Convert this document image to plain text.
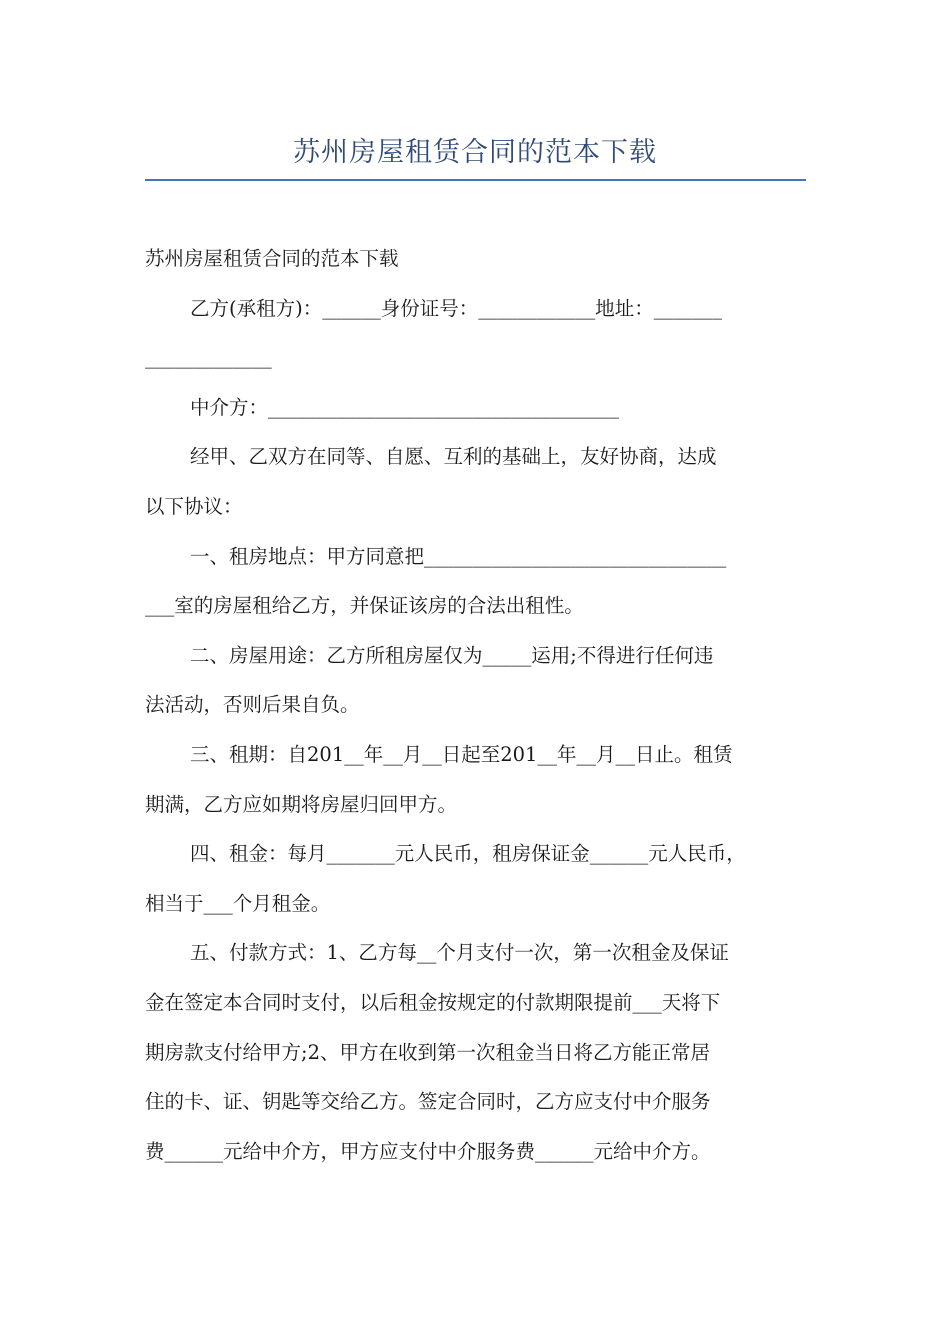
苏州房屋租赁合同的范本下载

苏州房屋租赁合同的范本下载

乙方(承租方)：______身份证号：____________地址：_______

_____________

中介方：____________________________________

经甲、乙双方在同等、自愿、互利的基础上，友好协商，达成

以下协议：

一、租房地点：甲方同意把_______________________________

___室的房屋租给乙方，并保证该房的合法出租性。

二、房屋用途：乙方所租房屋仅为_____运用;不得进行任何违

法活动，否则后果自负。

三、租期：自201__年__月__日起至201__年__月__日止。租赁

期满，乙方应如期将房屋归回甲方。

四、租金：每月_______元人民币，租房保证金______元人民币，

相当于___个月租金。

五、付款方式：1、乙方每__个月支付一次，第一次租金及保证

金在签定本合同时支付，以后租金按规定的付款期限提前___天将下

期房款支付给甲方;2、甲方在收到第一次租金当日将乙方能正常居

住的卡、证、钥匙等交给乙方。签定合同时，乙方应支付中介服务

费______元给中介方，甲方应支付中介服务费______元给中介方。
